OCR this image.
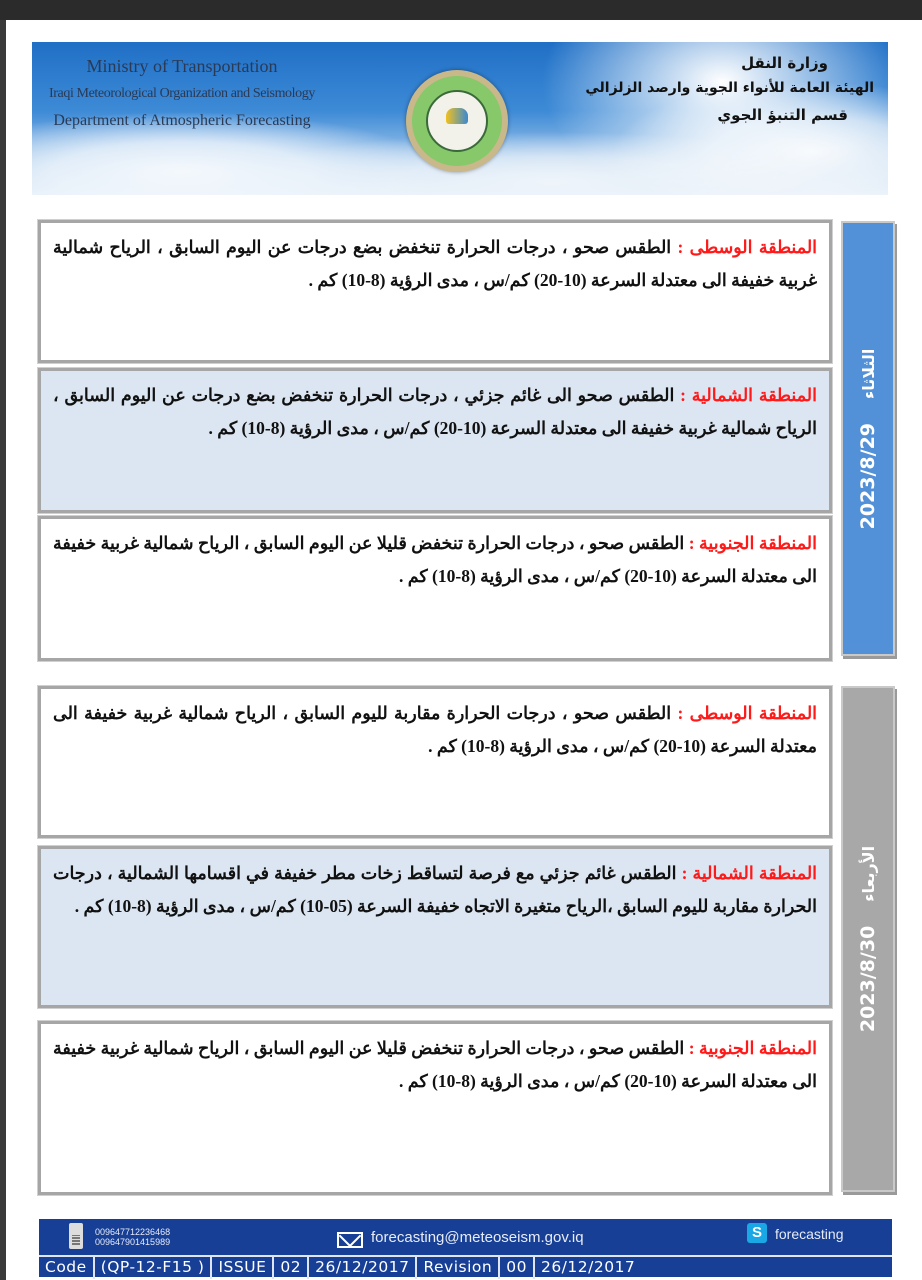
Ministry of Transportation
Iraqi Meteorological Organization and Seismology
Department of Atmospheric Forecasting
وزارة النقل
الهيئة العامة للأنواء الجوية وارصد الزلزالي
قسم التنبؤ الجوي
المنطقة الوسطى : الطقس صحو ، درجات الحرارة تنخفض بضع درجات عن اليوم السابق ، الرياح شمالية غربية خفيفة الى معتدلة السرعة (10-20) كم/س ، مدى الرؤية (8-10) كم .
المنطقة الشمالية : الطقس صحو الى غائم جزئي ، درجات الحرارة تنخفض بضع درجات عن اليوم السابق ، الرياح شمالية غربية خفيفة الى معتدلة السرعة (10-20) كم/س ، مدى الرؤية (8-10) كم .
المنطقة الجنوبية : الطقس صحو ، درجات الحرارة تنخفض قليلا عن اليوم السابق ، الرياح شمالية غربية خفيفة الى معتدلة السرعة (10-20) كم/س ، مدى الرؤية (8-10) كم .
2023/8/29الثلاثاء
المنطقة الوسطى : الطقس صحو ، درجات الحرارة مقاربة لليوم السابق ، الرياح شمالية غربية خفيفة الى معتدلة السرعة (10-20) كم/س ، مدى الرؤية (8-10) كم .
المنطقة الشمالية : الطقس غائم جزئي مع فرصة لتساقط زخات مطر خفيفة في اقسامها الشمالية ، درجات الحرارة مقاربة لليوم السابق ،الرياح متغيرة الاتجاه خفيفة السرعة (05-10) كم/س ، مدى الرؤية (8-10) كم .
المنطقة الجنوبية : الطقس صحو ، درجات الحرارة تنخفض قليلا عن اليوم السابق ، الرياح شمالية غربية خفيفة الى معتدلة السرعة (10-20) كم/س ، مدى الرؤية (8-10) كم .
2023/8/30الأربعاء
009647712236468
009647901415989	forecasting@meteoseism.gov.iq	S forecasting
Code (QP-12-F15 ) ISSUE 02 26/12/2017 Revision 00 26/12/2017
